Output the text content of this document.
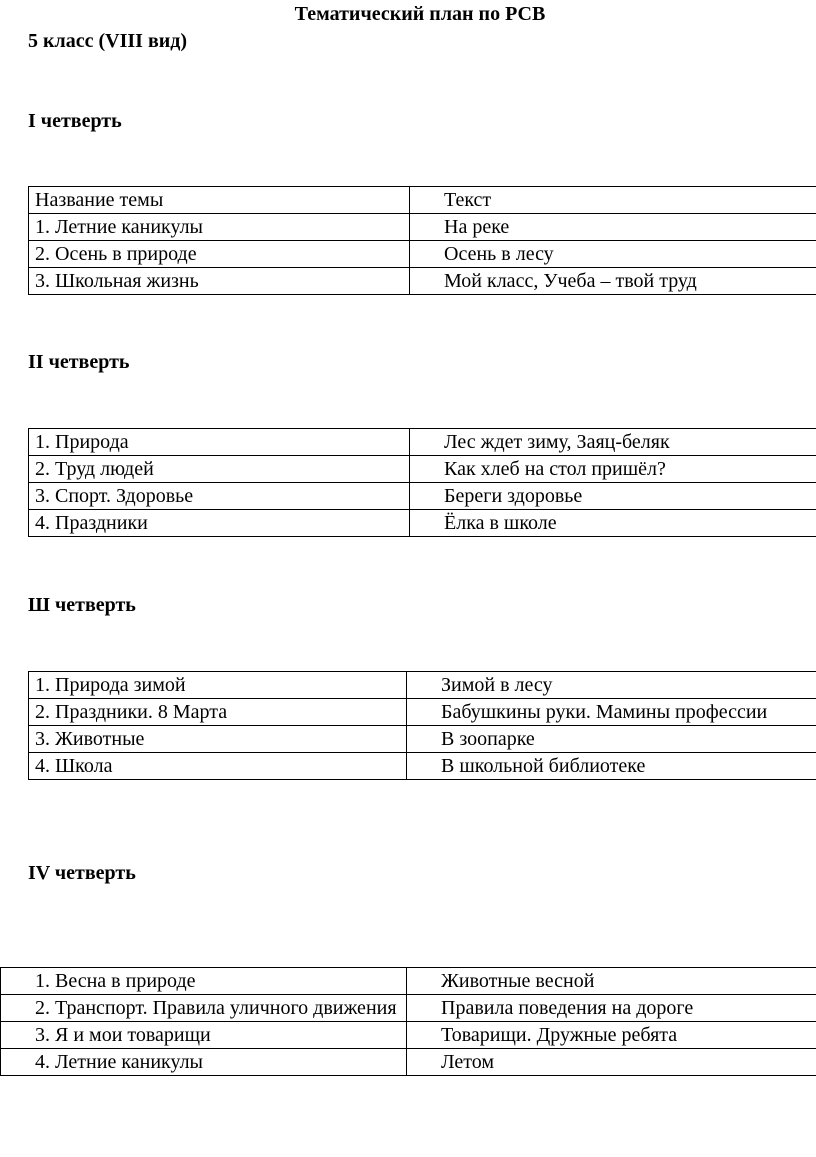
Тематический план по РСВ
5 класс (VIII вид)
I четверть
Название темы	Текст
1. Летние каникулы	На реке
2. Осень в природе	Осень в лесу
3. Школьная жизнь	Мой класс, Учеба – твой труд
II четверть
1. Природа	Лес ждет зиму, Заяц-беляк
2. Труд людей	Как хлеб на стол пришёл?
3. Спорт. Здоровье	Береги здоровье
4. Праздники	Ёлка в школе
Ш четверть
1. Природа зимой	Зимой в лесу
2. Праздники. 8 Марта	Бабушкины руки. Мамины профессии
3. Животные	В зоопарке
4. Школа	В школьной библиотеке
IV четверть
1. Весна в природе	Животные весной
2. Транспорт. Правила уличного движения	Правила поведения на дороге
3. Я и мои товарищи	Товарищи. Дружные ребята
4. Летние каникулы	Летом
